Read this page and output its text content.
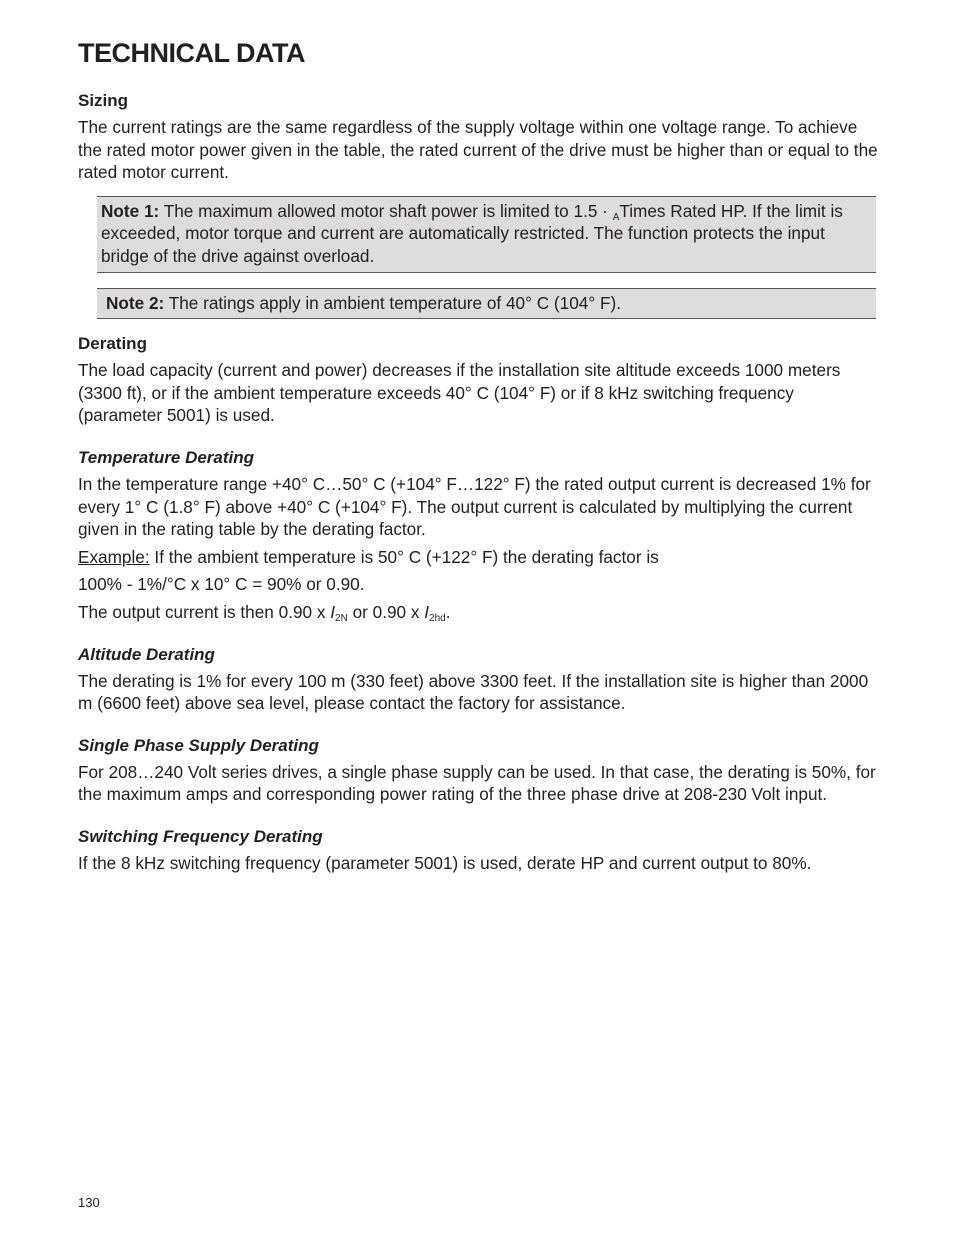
TECHNICAL DATA
Sizing

The current ratings are the same regardless of the supply voltage within one voltage range. To achieve the rated motor power given in the table, the rated current of the drive must be higher than or equal to the rated motor current.

Note 1: The maximum allowed motor shaft power is limited to 1.5 · $_A$Times Rated HP. If the limit is exceeded, motor torque and current are automatically restricted. The function protects the input bridge of the drive against overload.
Note 2: The ratings apply in ambient temperature of 40° C (104° F).
Derating

The load capacity (current and power) decreases if the installation site altitude exceeds 1000 meters (3300 ft), or if the ambient temperature exceeds 40° C (104° F) or if 8 kHz switching frequency (parameter 5001) is used.

Temperature Derating

In the temperature range +40° C…50° C (+104° F…122° F) the rated output current is decreased 1% for every 1° C (1.8° F) above +40° C (+104° F). The output current is calculated by multiplying the current given in the rating table by the derating factor.

Example: If the ambient temperature is 50° C (+122° F) the derating factor is

100% - 1%/°C x 10° C = 90% or 0.90.

The output current is then 0.90 x $I_{2N}$ or 0.90 x $I_{2hd}$.

Altitude Derating

The derating is 1% for every 100 m (330 feet) above 3300 feet. If the installation site is higher than 2000 m (6600 feet) above sea level, please contact the factory for assistance.

Single Phase Supply Derating

For 208…240 Volt series drives, a single phase supply can be used. In that case, the derating is 50%, for the maximum amps and corresponding power rating of the three phase drive at 208-230 Volt input.

Switching Frequency Derating

If the 8 kHz switching frequency (parameter 5001) is used, derate HP and current output to 80%.

130
